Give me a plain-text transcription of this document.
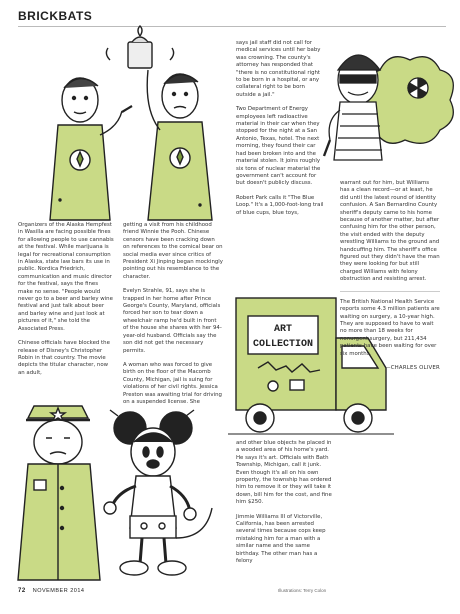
BRICKBATS
ART
COLLECTION

Organizers of the Alaska Hempfest in Wasilla are facing possible fines for allowing people to use cannabis at the festival. While marijuana is legal for recreational consumption in Alaska, state law bars its use in public. Nordica Friedrich, communication and music director for the festival, says the fines make no sense. "People would never go to a beer and barley wine festival and just talk about beer and barley wine and just look at pictures of it," she told the Associated Press.

Chinese officials have blocked the release of Disney's Christopher Robin in that country. The movie depicts the titular character, now an adult,

getting a visit from his childhood friend Winnie the Pooh. Chinese censors have been cracking down on references to the comical bear on social media ever since critics of President Xi Jinping began mockingly pointing out his resemblance to the character.

Evelyn Strahle, 91, says she is trapped in her home after Prince George's County, Maryland, officials forced her son to tear down a wheelchair ramp he'd built in front of the house she shares with her 94-year-old husband. Officials say the son did not get the necessary permits.

A woman who was forced to give birth on the floor of the Macomb County, Michigan, jail is suing for violations of her civil rights. Jessica Preston was awaiting trial for driving on a suspended license. She

says jail staff did not call for medical services until her baby was crowning. The county's attorney has responded that "there is no constitutional right to be born in a hospital, or any collateral right to be born outside a jail."

Two Department of Energy employees left radioactive material in their car when they stopped for the night at a San Antonio, Texas, hotel. The next morning, they found their car had been broken into and the material stolen. It joins roughly six tons of nuclear material the government can't account for but doesn't publicly discuss.

Robert Park calls it "The Blue Loop." It's a 1,000-foot-long trail of blue cups, blue toys,

and other blue objects he placed in a wooded area of his home's yard. He says it's art. Officials with Bath Township, Michigan, call it junk. Even though it's all on his own property, the township has ordered him to remove it or they will take it down, bill him for the cost, and fine him $250.

Jimmie Williams III of Victorville, California, has been arrested several times because cops keep mistaking him for a man with a similar name and the same birthday. The other man has a felony

warrant out for him, but Williams has a clean record—or at least, he did until the latest round of identity confusion. A San Bernardino County sheriff's deputy came to his home because of another matter, but after confusing him for the other person, the visit ended with the deputy wrestling Williams to the ground and handcuffing him. The sheriff's office figured out they didn't have the man they were looking for but still charged Williams with felony obstruction and resisting arrest.

The British National Health Service reports some 4.3 million patients are waiting on surgery, a 10-year high. They are supposed to have to wait no more than 18 weeks for nonurgent surgery, but 211,434 patients have been waiting for over six months.

—CHARLES OLIVER

72 NOVEMBER 2014	Illustrations: Terry Colon
